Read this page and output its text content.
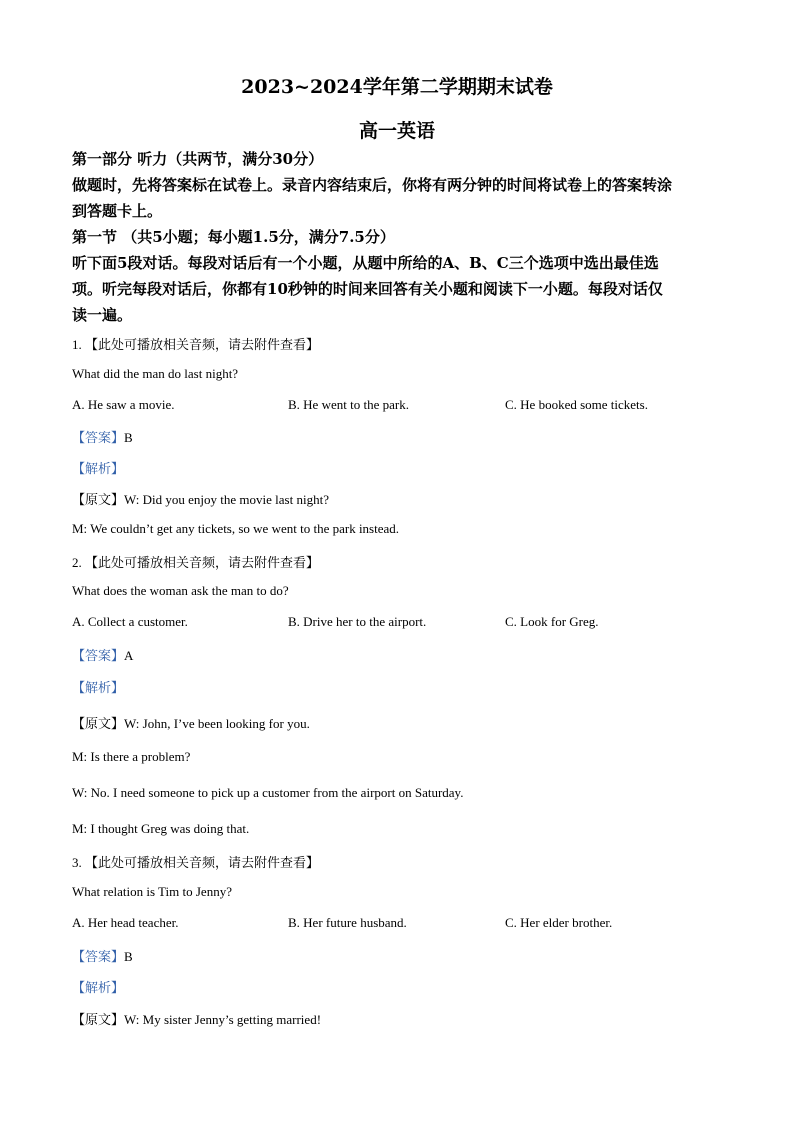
2023~2024学年第二学期期末试卷
高一英语
第一部分 听力（共两节，满分30分）
做题时，先将答案标在试卷上。录音内容结束后，你将有两分钟的时间将试卷上的答案转涂
到答题卡上。
第一节 （共5小题；每小题1.5分，满分7.5分）
听下面5段对话。每段对话后有一个小题，从题中所给的A、B、C三个选项中选出最佳选
项。听完每段对话后，你都有10秒钟的时间来回答有关小题和阅读下一小题。每段对话仅
读一遍。
1. 【此处可播放相关音频，请去附件查看】
What did the man do last night?
A. He saw a movie.	B. He went to the park.	C. He booked some tickets.
【答案】B
【解析】
【原文】W: Did you enjoy the movie last night?
M: We couldn’t get any tickets, so we went to the park instead.
2. 【此处可播放相关音频，请去附件查看】
What does the woman ask the man to do?
A. Collect a customer.	B. Drive her to the airport.	C. Look for Greg.
【答案】A
【解析】
【原文】W: John, I’ve been looking for you.
M: Is there a problem?
W: No. I need someone to pick up a customer from the airport on Saturday.
M: I thought Greg was doing that.
3. 【此处可播放相关音频，请去附件查看】
What relation is Tim to Jenny?
A. Her head teacher.	B. Her future husband.	C. Her elder brother.
【答案】B
【解析】
【原文】W: My sister Jenny’s getting married!
